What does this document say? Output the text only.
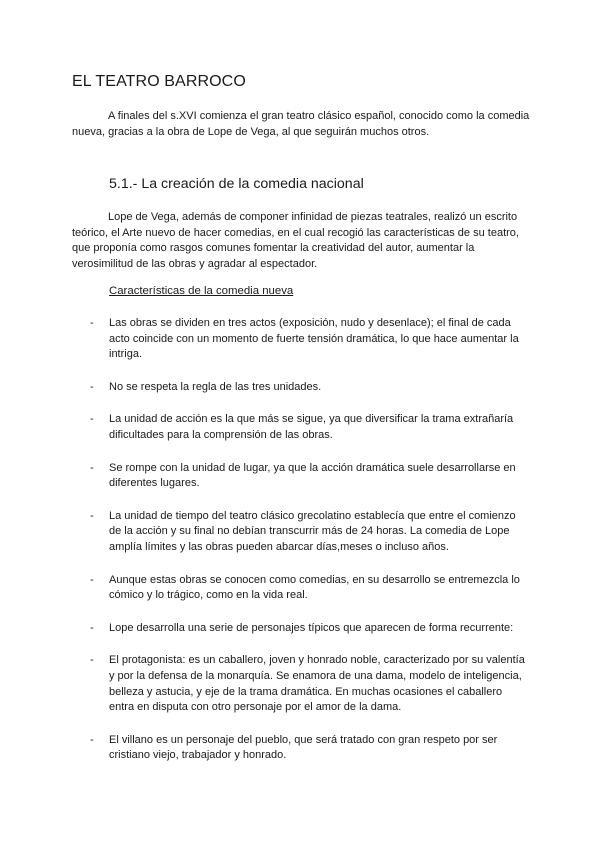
EL TEATRO BARROCO

A finales del s.XVI comienza el gran teatro clásico español, conocido como la comedia nueva, gracias a la obra de Lope de Vega, al que seguirán muchos otros.

5.1.- La creación de la comedia nacional

Lope de Vega, además de componer infinidad de piezas teatrales, realizó un escrito teórico, el Arte nuevo de hacer comedias, en el cual recogió las características de su teatro, que proponía como rasgos comunes fomentar la creatividad del autor, aumentar la verosimilitud de las obras y agradar al espectador.

Características de la comedia nueva
- Las obras se dividen en tres actos (exposición, nudo y desenlace); el final de cada acto coincide con un momento de fuerte tensión dramática, lo que hace aumentar la intriga.
- No se respeta la regla de las tres unidades.
- La unidad de acción es la que más se sigue, ya que diversificar la trama extrañaría dificultades para la comprensión de las obras.
- Se rompe con la unidad de lugar, ya que la acción dramática suele desarrollarse en diferentes lugares.
- La unidad de tiempo del teatro clásico grecolatino establecía que entre el comienzo de la acción y su final no debían transcurrir más de 24 horas. La comedia de Lope amplía límites y las obras pueden abarcar días,meses o incluso años.
- Aunque estas obras se conocen como comedias, en su desarrollo se entremezcla lo cómico y lo trágico, como en la vida real.
- Lope desarrolla una serie de personajes típicos que aparecen de forma recurrente:
- El protagonista: es un caballero, joven y honrado noble, caracterizado por su valentía y por la defensa de la monarquía. Se enamora de una dama, modelo de inteligencia, belleza y astucia, y eje de la trama dramática. En muchas ocasiones el caballero entra en disputa con otro personaje por el amor de la dama.
- El villano es un personaje del pueblo, que será tratado con gran respeto por ser cristiano viejo, trabajador y honrado.
